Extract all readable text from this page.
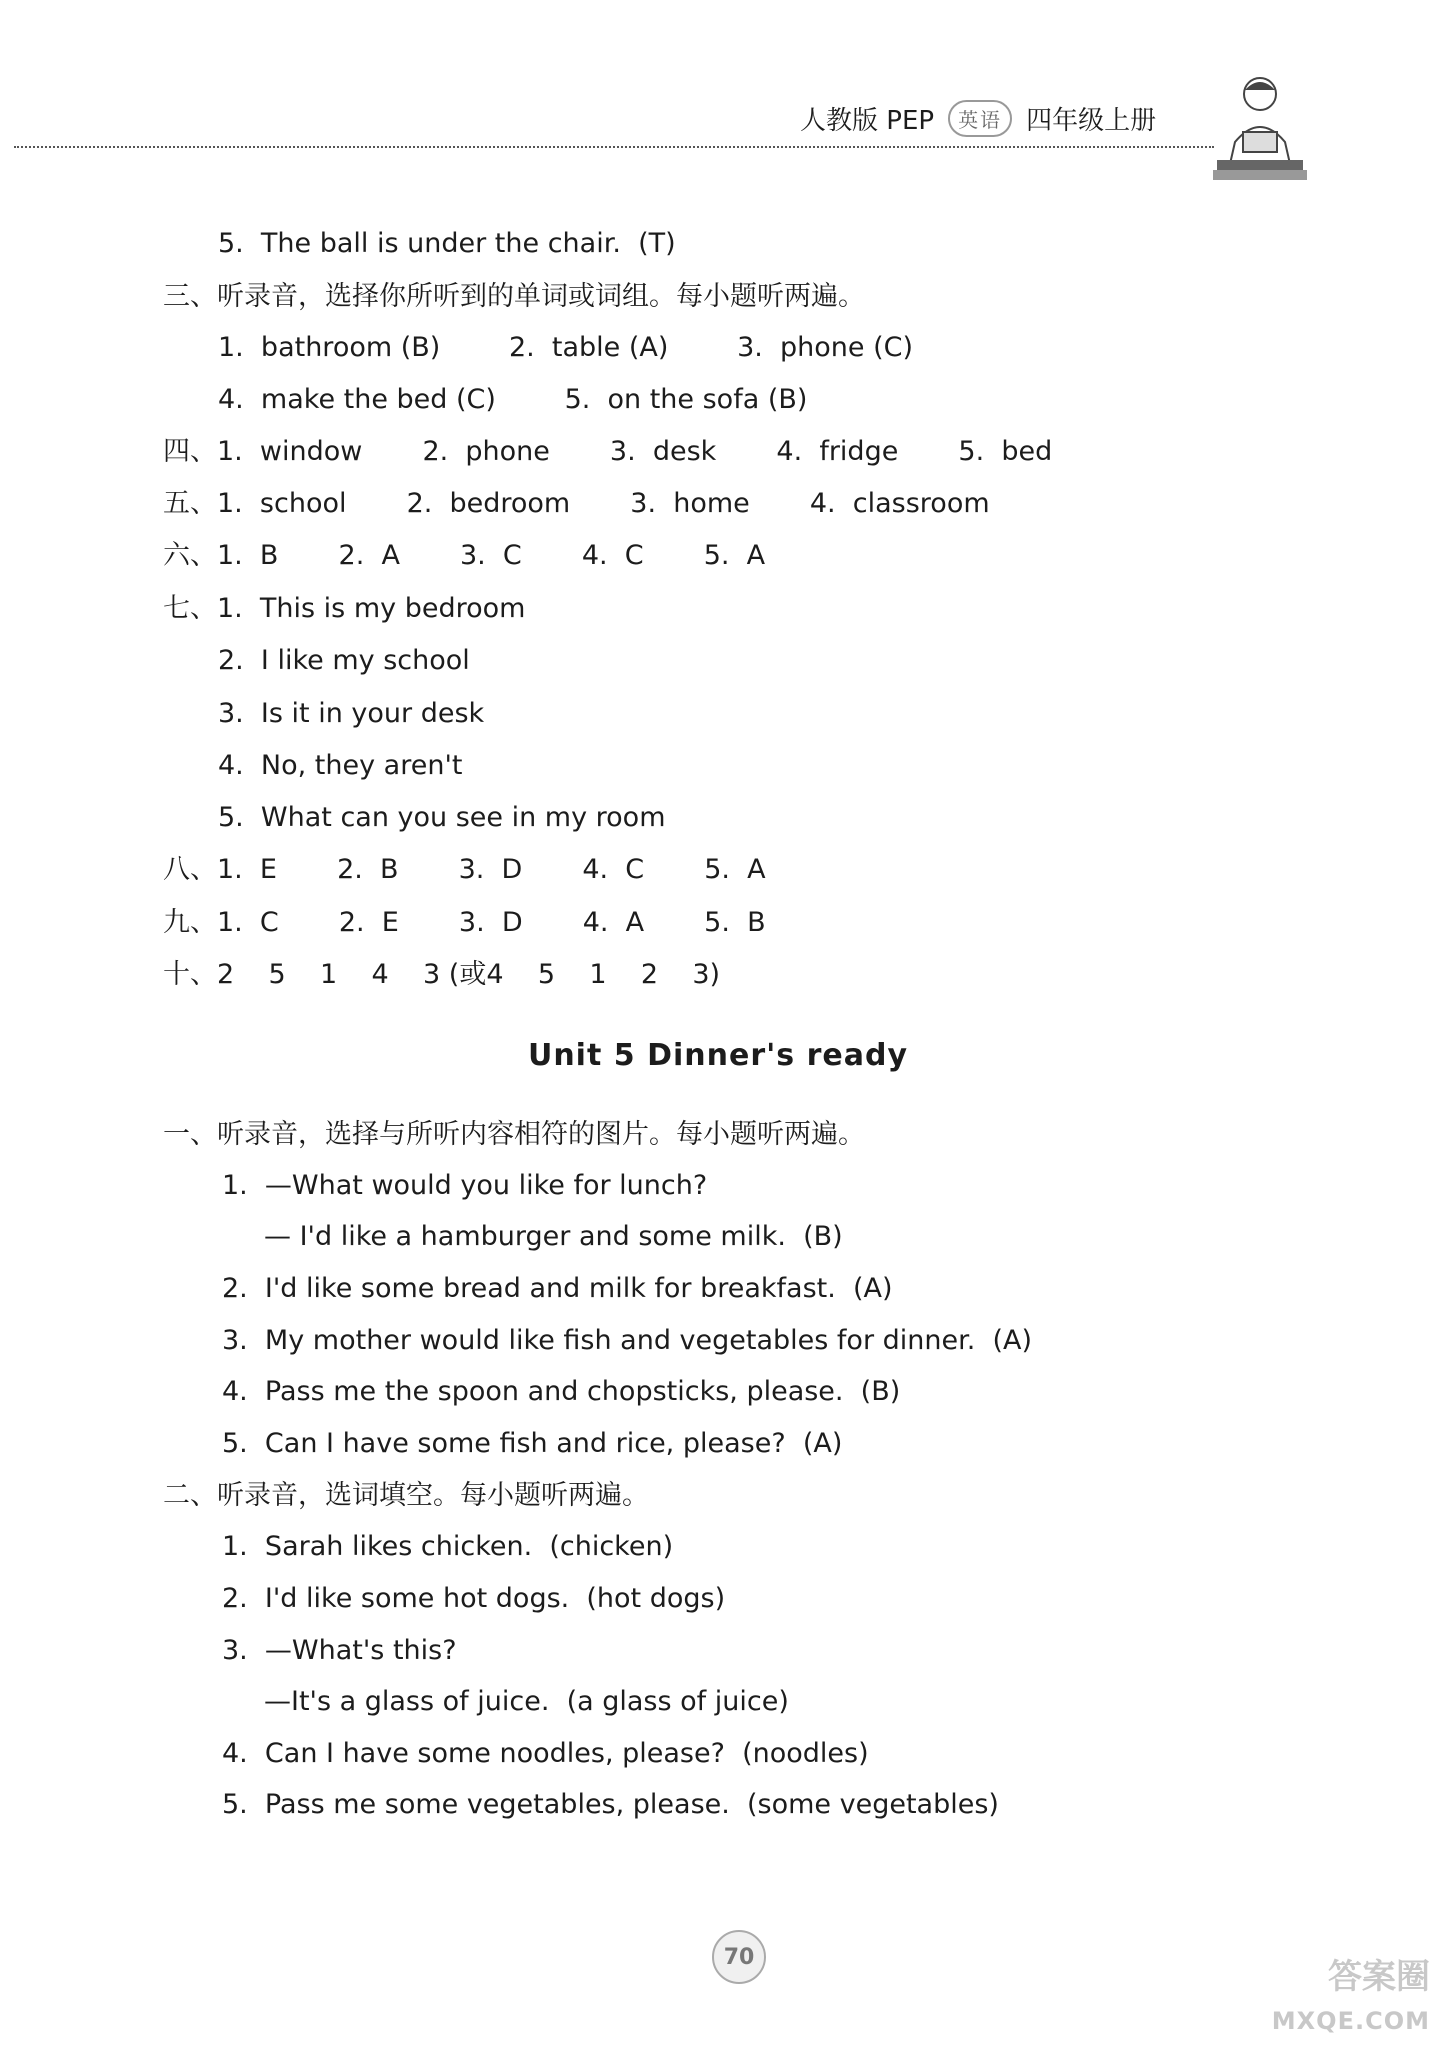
人教版 PEP	英语 四年级上册
5.  The ball is under the chair.  (T)
三、听录音，选择你所听到的单词或词组。每小题听两遍。
1.  bathroom (B)        2.  table (A)        3.  phone (C)
4.  make the bed (C)        5.  on the sofa (B)
四、1.  window       2.  phone       3.  desk       4.  fridge       5.  bed
五、1.  school       2.  bedroom       3.  home       4.  classroom
六、1.  B       2.  A       3.  C       4.  C       5.  A
七、1.  This is my bedroom
2.  I like my school
3.  Is it in your desk
4.  No, they aren't
5.  What can you see in my room
八、1.  E       2.  B       3.  D       4.  C       5.  A
九、1.  C       2.  E       3.  D       4.  A       5.  B
十、2    5    1    4    3 (或4    5    1    2    3)
一、听录音，选择与所听内容相符的图片。每小题听两遍。
1.  —What would you like for lunch?
— I'd like a hamburger and some milk.  (B)
2.  I'd like some bread and milk for breakfast.  (A)
3.  My mother would like fish and vegetables for dinner.  (A)
4.  Pass me the spoon and chopsticks, please.  (B)
5.  Can I have some fish and rice, please?  (A)
二、听录音，选词填空。每小题听两遍。
1.  Sarah likes chicken.  (chicken)
2.  I'd like some hot dogs.  (hot dogs)
3.  —What's this?
—It's a glass of juice.  (a glass of juice)
4.  Can I have some noodles, please?  (noodles)
5.  Pass me some vegetables, please.  (some vegetables)
Unit 5 Dinner's ready
70	答案圈
MXQE.COM
